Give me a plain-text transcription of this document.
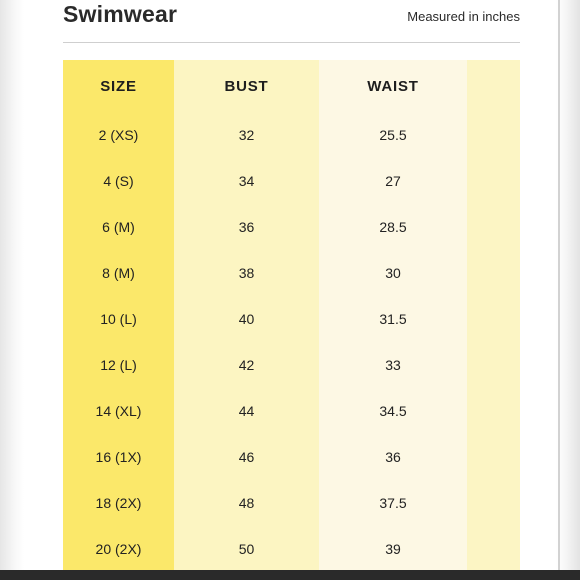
Swimwear	Measured in inches
SIZE	BUST	WAIST	
2 (XS)	32	25.5	
4 (S)	34	27	
6 (M)	36	28.5	
8 (M)	38	30	
10 (L)	40	31.5	
12 (L)	42	33	
14 (XL)	44	34.5	
16 (1X)	46	36	
18 (2X)	48	37.5	
20 (2X)	50	39	
